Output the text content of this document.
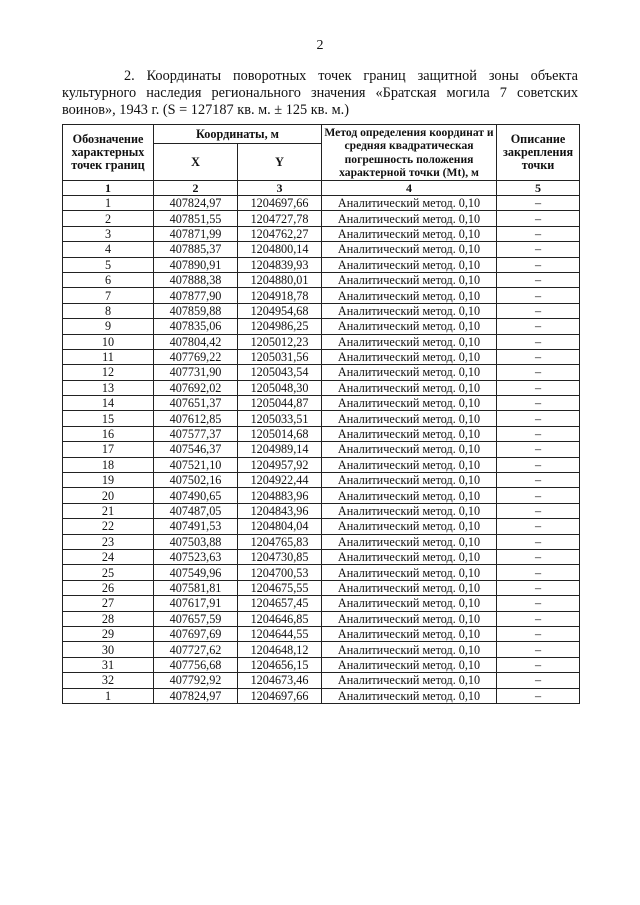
2
2. Координаты поворотных точек границ защитной зоны объекта культурного наследия регионального значения «Братская могила 7 советских воинов», 1943 г. (S = 127187 кв. м. ± 125 кв. м.)
Обозначение характерных точек границ	Координаты, м		Метод определения координат и средняя квадратическая погрешность положения характерной точки (Mt), м	Описание закрепления точки
	X	Y		
1	2	3	4	5
1	407824,97	1204697,66	Аналитический метод. 0,10	–
2	407851,55	1204727,78	Аналитический метод. 0,10	–
3	407871,99	1204762,27	Аналитический метод. 0,10	–
4	407885,37	1204800,14	Аналитический метод. 0,10	–
5	407890,91	1204839,93	Аналитический метод. 0,10	–
6	407888,38	1204880,01	Аналитический метод. 0,10	–
7	407877,90	1204918,78	Аналитический метод. 0,10	–
8	407859,88	1204954,68	Аналитический метод. 0,10	–
9	407835,06	1204986,25	Аналитический метод. 0,10	–
10	407804,42	1205012,23	Аналитический метод. 0,10	–
11	407769,22	1205031,56	Аналитический метод. 0,10	–
12	407731,90	1205043,54	Аналитический метод. 0,10	–
13	407692,02	1205048,30	Аналитический метод. 0,10	–
14	407651,37	1205044,87	Аналитический метод. 0,10	–
15	407612,85	1205033,51	Аналитический метод. 0,10	–
16	407577,37	1205014,68	Аналитический метод. 0,10	–
17	407546,37	1204989,14	Аналитический метод. 0,10	–
18	407521,10	1204957,92	Аналитический метод. 0,10	–
19	407502,16	1204922,44	Аналитический метод. 0,10	–
20	407490,65	1204883,96	Аналитический метод. 0,10	–
21	407487,05	1204843,96	Аналитический метод. 0,10	–
22	407491,53	1204804,04	Аналитический метод. 0,10	–
23	407503,88	1204765,83	Аналитический метод. 0,10	–
24	407523,63	1204730,85	Аналитический метод. 0,10	–
25	407549,96	1204700,53	Аналитический метод. 0,10	–
26	407581,81	1204675,55	Аналитический метод. 0,10	–
27	407617,91	1204657,45	Аналитический метод. 0,10	–
28	407657,59	1204646,85	Аналитический метод. 0,10	–
29	407697,69	1204644,55	Аналитический метод. 0,10	–
30	407727,62	1204648,12	Аналитический метод. 0,10	–
31	407756,68	1204656,15	Аналитический метод. 0,10	–
32	407792,92	1204673,46	Аналитический метод. 0,10	–
1	407824,97	1204697,66	Аналитический метод. 0,10	–
